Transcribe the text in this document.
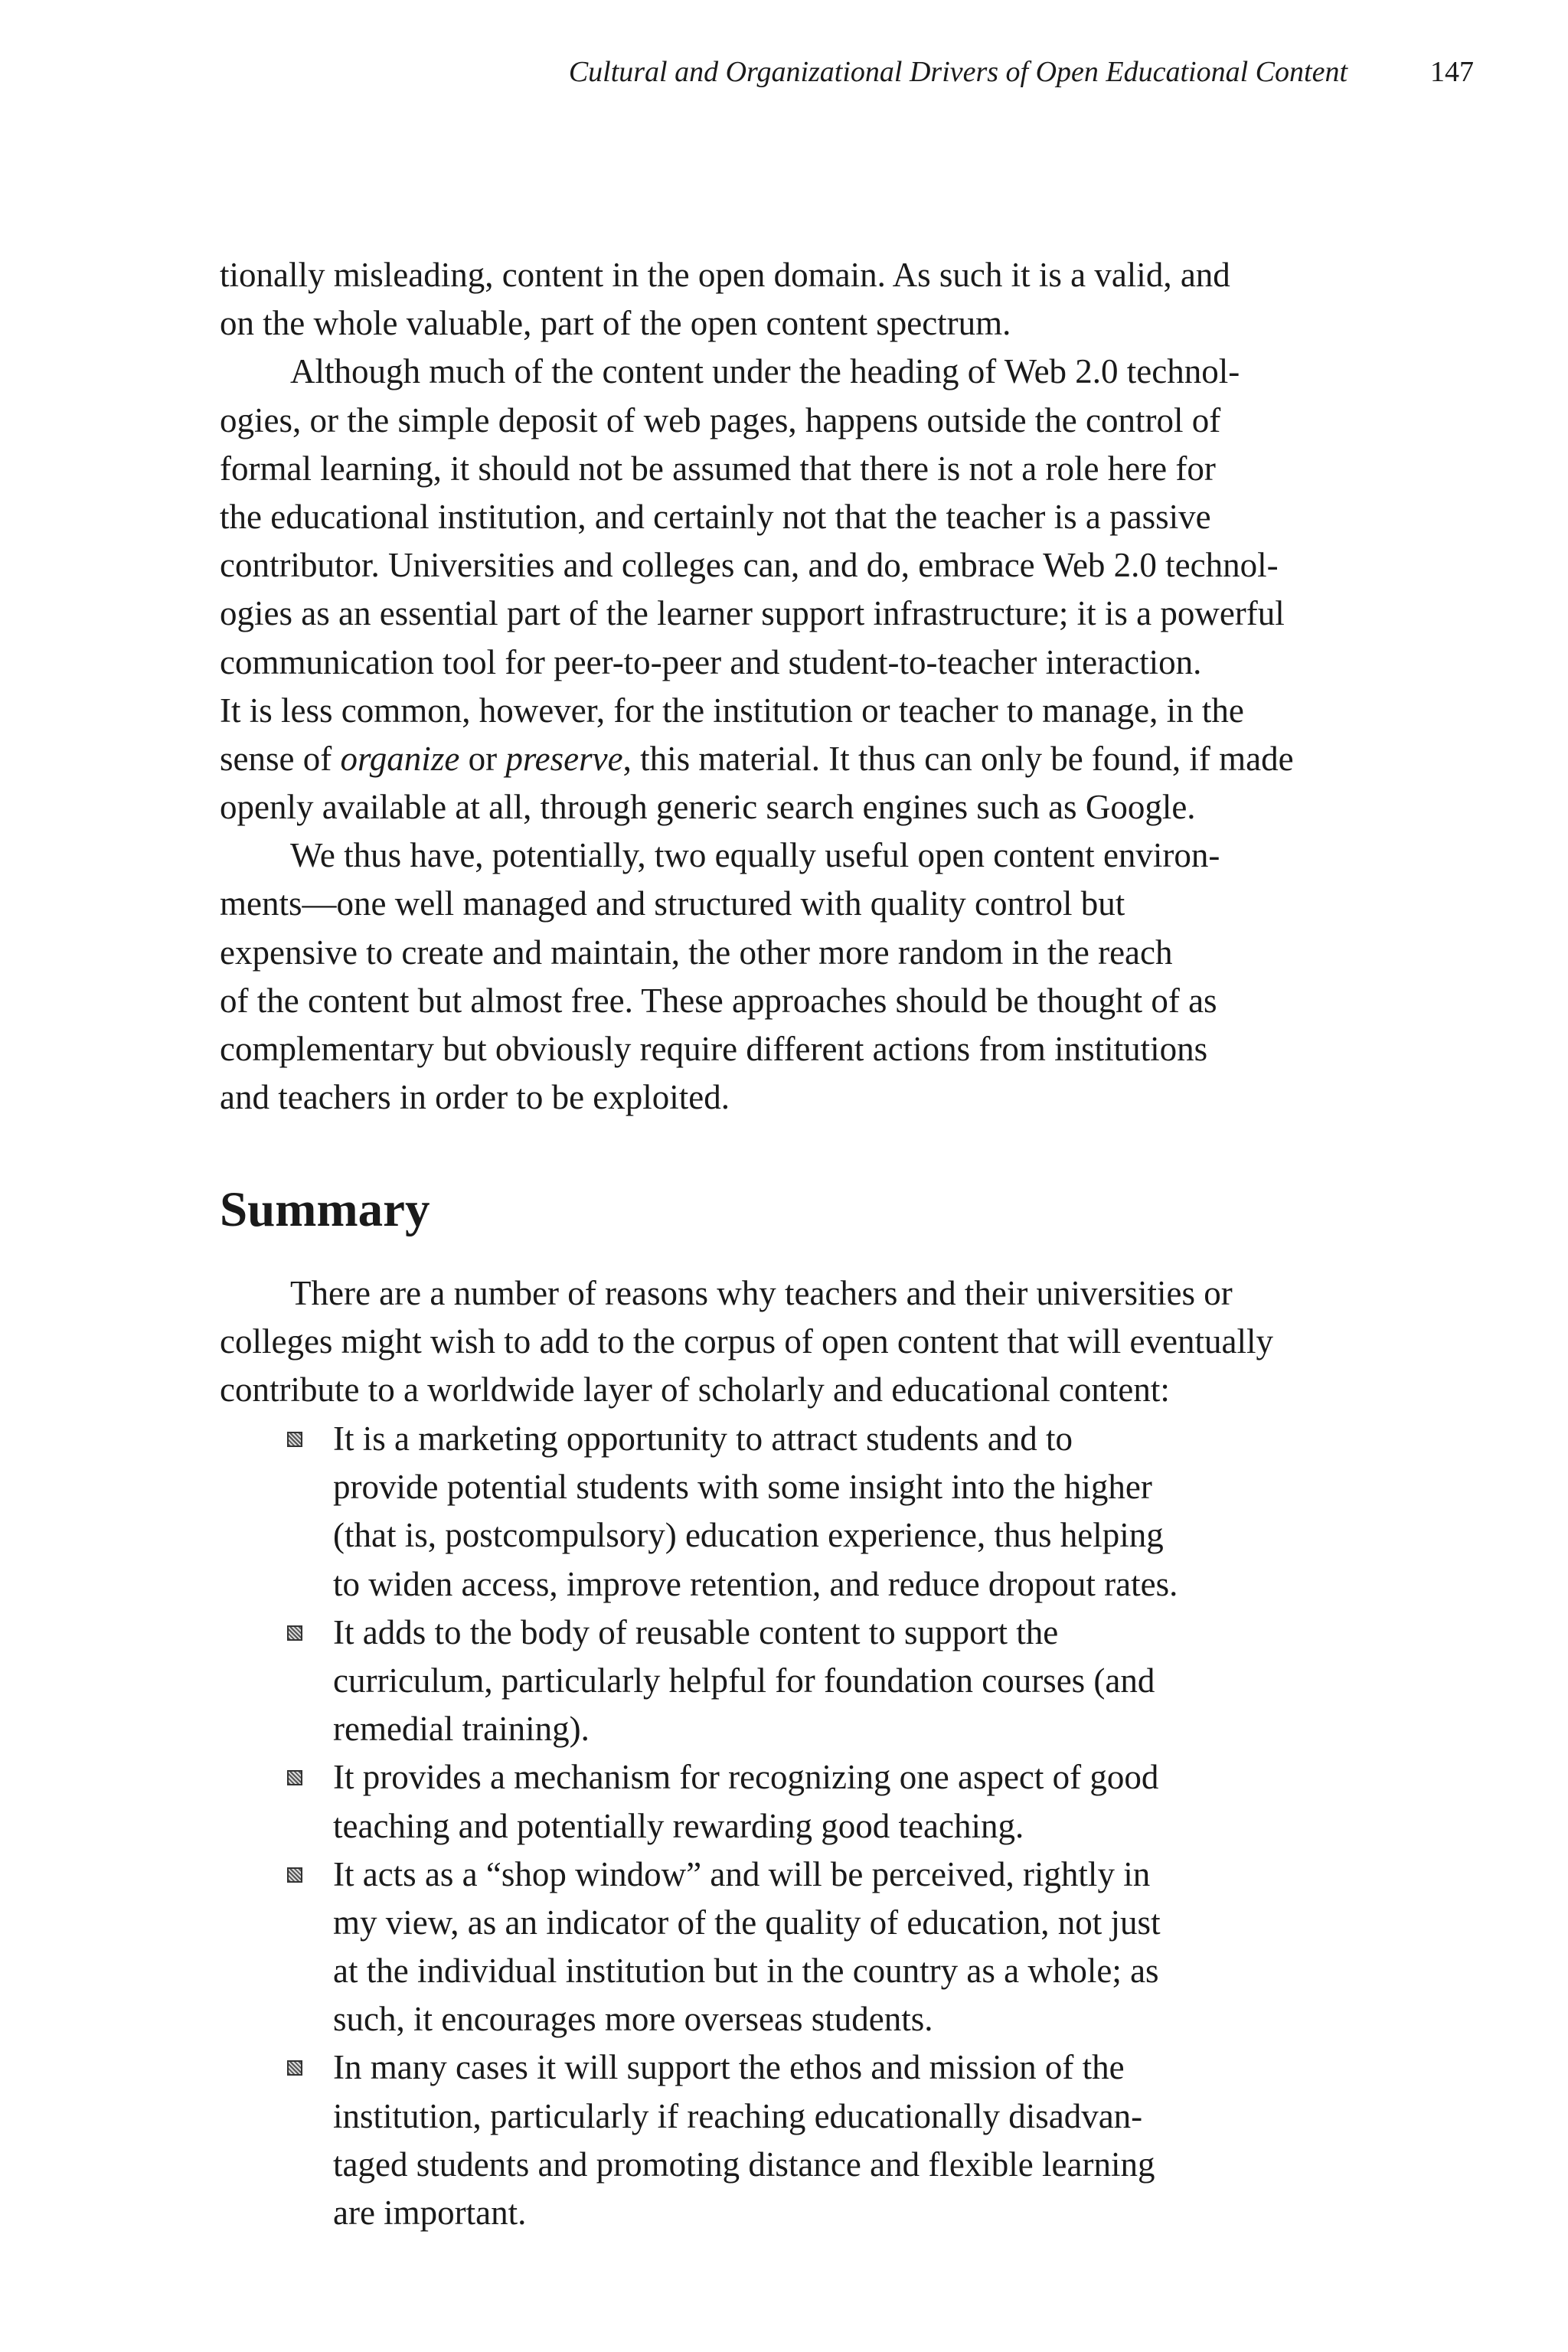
Cultural and Organizational Drivers of Open Educational Content	147
tionally misleading, content in the open domain. As such it is a valid, and
on the whole valuable, part of the open content spectrum.
Although much of the content under the heading of Web 2.0 technol-
ogies, or the simple deposit of web pages, happens outside the control of
formal learning, it should not be assumed that there is not a role here for
the educational institution, and certainly not that the teacher is a passive
contributor. Universities and colleges can, and do, embrace Web 2.0 technol-
ogies as an essential part of the learner support infrastructure; it is a powerful
communication tool for peer-to-peer and student-to-teacher interaction.
It is less common, however, for the institution or teacher to manage, in the
sense of organize or preserve, this material. It thus can only be found, if made
openly available at all, through generic search engines such as Google.
We thus have, potentially, two equally useful open content environ-
ments—one well managed and structured with quality control but
expensive to create and maintain, the other more random in the reach
of the content but almost free. These approaches should be thought of as
complementary but obviously require different actions from institutions
and teachers in order to be exploited.
Summary
There are a number of reasons why teachers and their universities or
colleges might wish to add to the corpus of open content that will eventually
contribute to a worldwide layer of scholarly and educational content:
It is a marketing opportunity to attract students and to
provide potential students with some insight into the higher
(that is, postcompulsory) education experience, thus helping
to widen access, improve retention, and reduce dropout rates.
It adds to the body of reusable content to support the
curriculum, particularly helpful for foundation courses (and
remedial training).
It provides a mechanism for recognizing one aspect of good
teaching and potentially rewarding good teaching.
It acts as a “shop window” and will be perceived, rightly in
my view, as an indicator of the quality of education, not just
at the individual institution but in the country as a whole; as
such, it encourages more overseas students.
In many cases it will support the ethos and mission of the
institution, particularly if reaching educationally disadvan-
taged students and promoting distance and flexible learning
are important.
